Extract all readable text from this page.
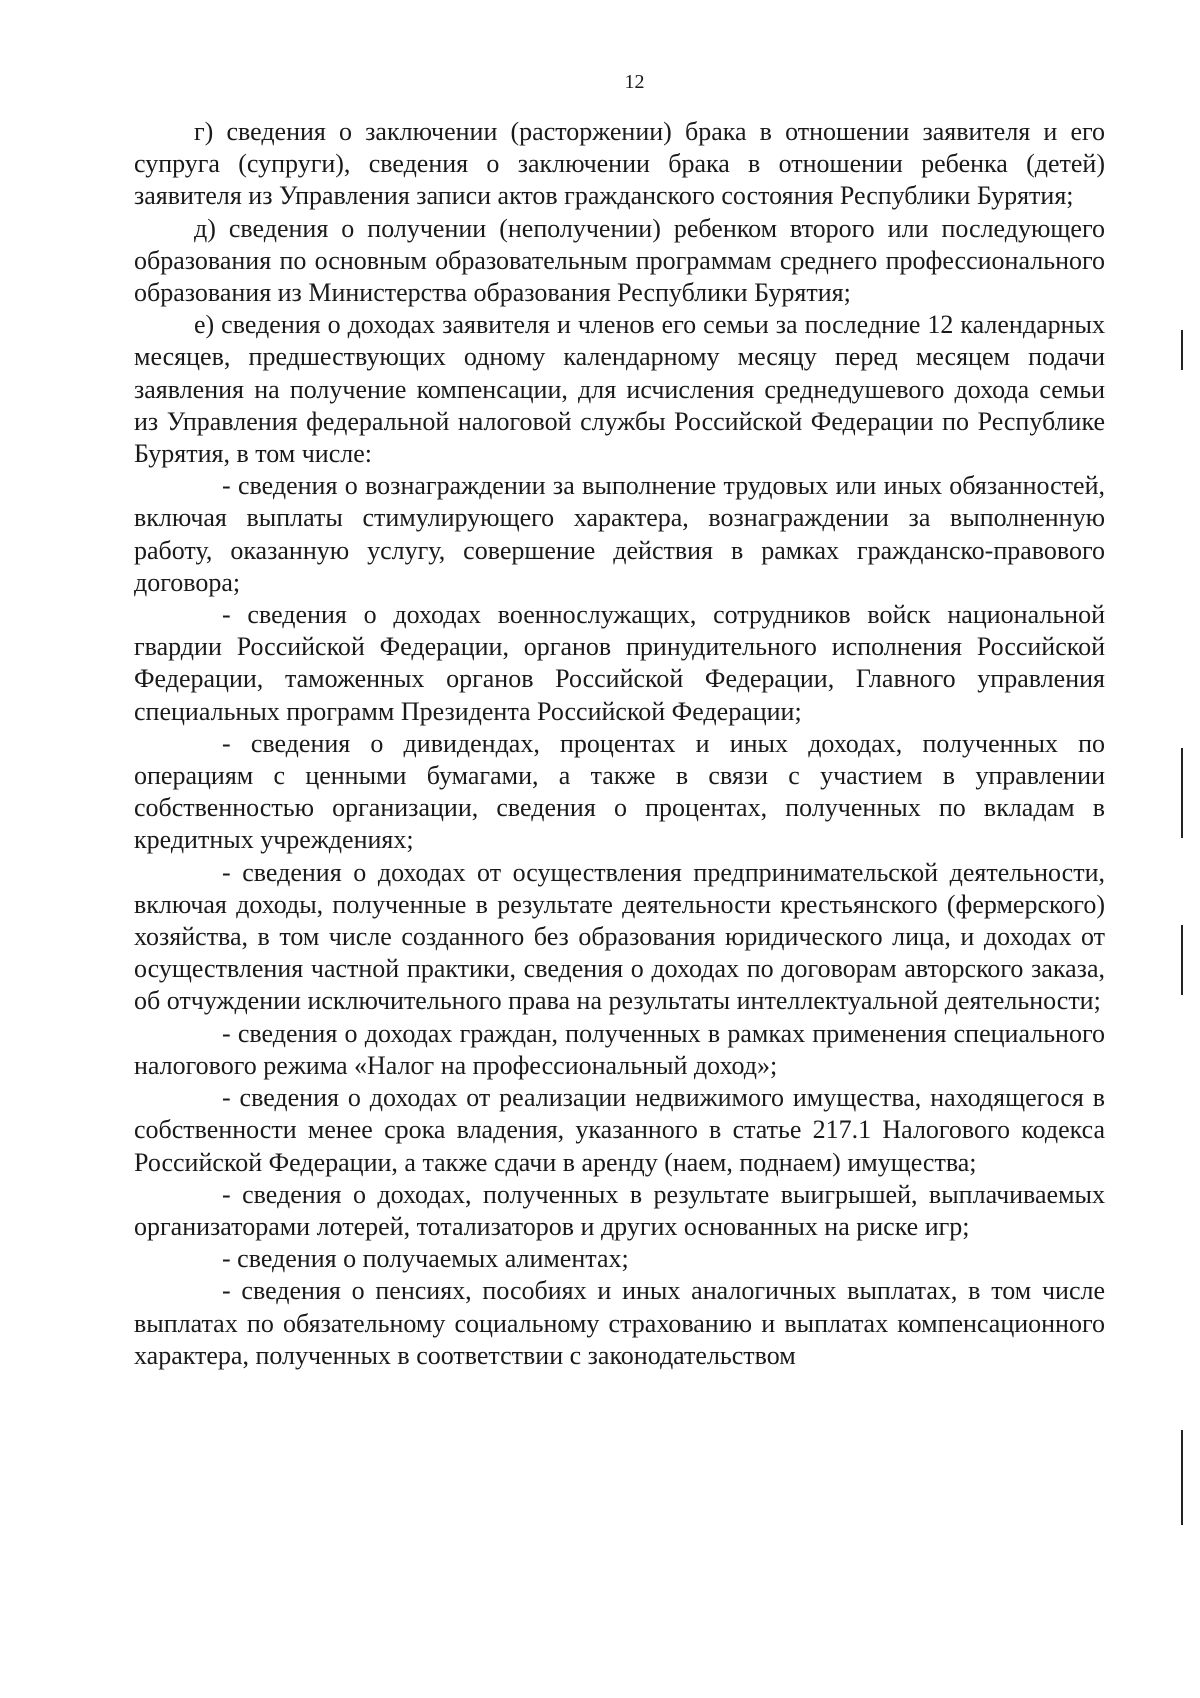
12

г) сведения о заключении (расторжении) брака в отношении заявителя и его супруга (супруги), сведения о заключении брака в отношении ребенка (детей) заявителя из Управления записи актов гражданского состояния Республики Бурятия;

д) сведения о получении (неполучении) ребенком второго или последующего образования по основным образовательным программам среднего профессионального образования из Министерства образования Республики Бурятия;

е) сведения о доходах заявителя и членов его семьи за последние 12 календарных месяцев, предшествующих одному календарному месяцу перед месяцем подачи заявления на получение компенсации, для исчисления среднедушевого дохода семьи из Управления федеральной налоговой службы Российской Федерации по Республике Бурятия, в том числе:

- сведения о вознаграждении за выполнение трудовых или иных обязанностей, включая выплаты стимулирующего характера, вознаграждении за выполненную работу, оказанную услугу, совершение действия в рамках гражданско-правового договора;

- сведения о доходах военнослужащих, сотрудников войск национальной гвардии Российской Федерации, органов принудительного исполнения Российской Федерации, таможенных органов Российской Федерации, Главного управления специальных программ Президента Российской Федерации;

- сведения о дивидендах, процентах и иных доходах, полученных по операциям с ценными бумагами, а также в связи с участием в управлении собственностью организации, сведения о процентах, полученных по вкладам в кредитных учреждениях;

- сведения о доходах от осуществления предпринимательской деятельности, включая доходы, полученные в результате деятельности крестьянского (фермерского) хозяйства, в том числе созданного без образования юридического лица, и доходах от осуществления частной практики, сведения о доходах по договорам авторского заказа, об отчуждении исключительного права на результаты интеллектуальной деятельности;

- сведения о доходах граждан, полученных в рамках применения специального налогового режима «Налог на профессиональный доход»;

- сведения о доходах от реализации недвижимого имущества, находящегося в собственности менее срока владения, указанного в статье 217.1 Налогового кодекса Российской Федерации, а также сдачи в аренду (наем, поднаем) имущества;

- сведения о доходах, полученных в результате выигрышей, выплачиваемых организаторами лотерей, тотализаторов и других основанных на риске игр;

- сведения о получаемых алиментах;

- сведения о пенсиях, пособиях и иных аналогичных выплатах, в том числе выплатах по обязательному социальному страхованию и выплатах компенсационного характера, полученных в соответствии с законодательством
